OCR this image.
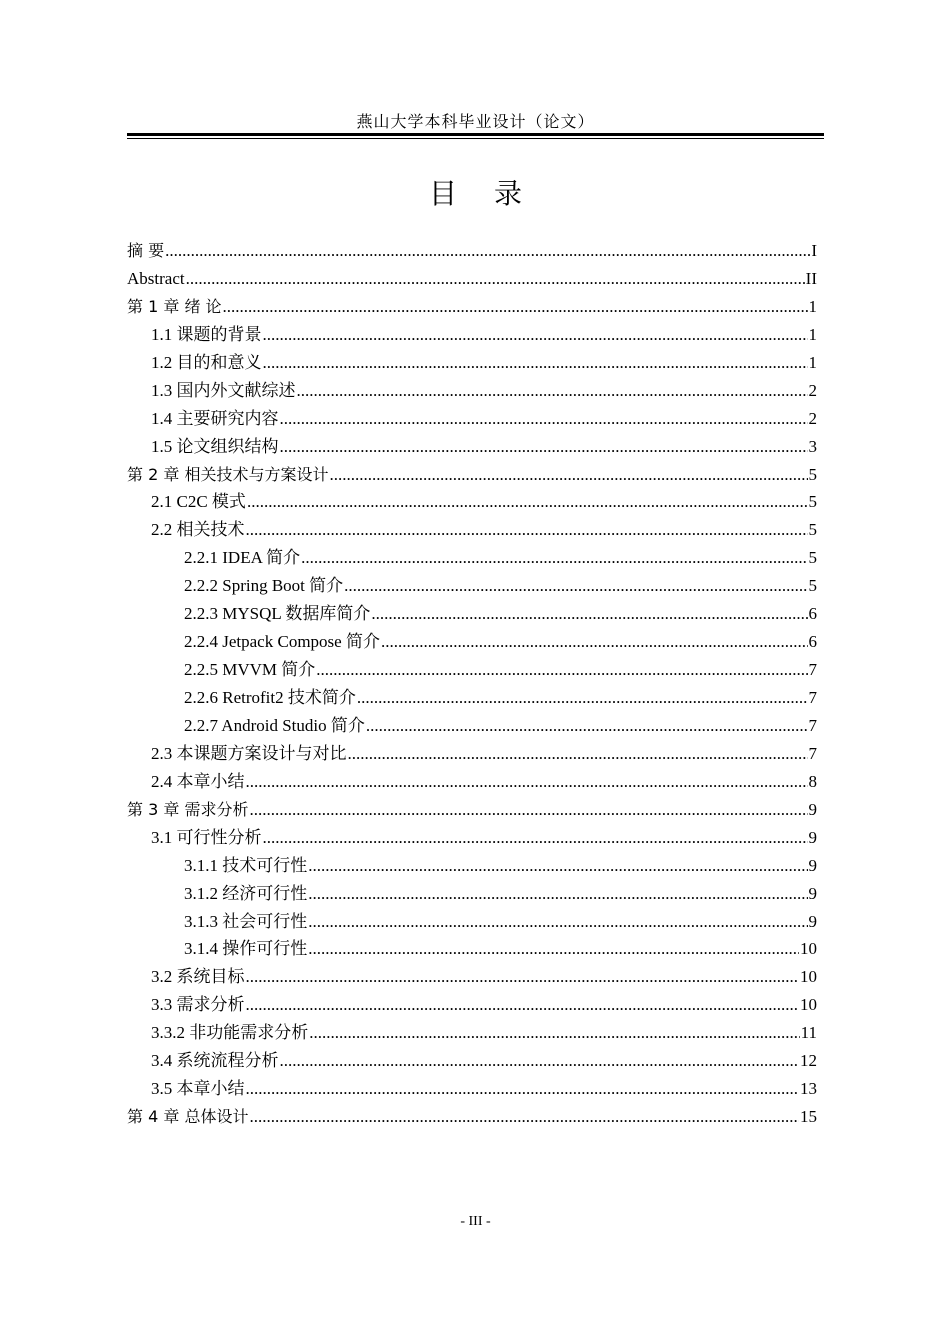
燕山大学本科毕业设计（论文）
目 录
摘 要 .....	I
Abstract .....	II
第 1 章 绪 论 .....	1
1.1 课题的背景 .....	1
1.2 目的和意义 .....	1
1.3 国内外文献综述 .....	2
1.4 主要研究内容 .....	2
1.5 论文组织结构 .....	3
第 2 章 相关技术与方案设计 .....	5
2.1 C2C 模式 .....	5
2.2 相关技术 .....	5
2.2.1 IDEA 简介 .....	5
2.2.2 Spring Boot 简介 .....	5
2.2.3 MYSQL 数据库简介 .....	6
2.2.4 Jetpack Compose 简介 .....	6
2.2.5 MVVM 简介 .....	7
2.2.6 Retrofit2 技术简介 .....	7
2.2.7 Android Studio 简介 .....	7
2.3 本课题方案设计与对比 .....	7
2.4 本章小结 .....	8
第 3 章 需求分析 .....	9
3.1 可行性分析 .....	9
3.1.1 技术可行性 .....	9
3.1.2 经济可行性 .....	9
3.1.3 社会可行性 .....	9
3.1.4 操作可行性 .....	10
3.2 系统目标 .....	10
3.3 需求分析 .....	10
3.3.2 非功能需求分析 .....	11
3.4 系统流程分析 .....	12
3.5 本章小结 .....	13
第 4 章 总体设计 .....	15
- III -
